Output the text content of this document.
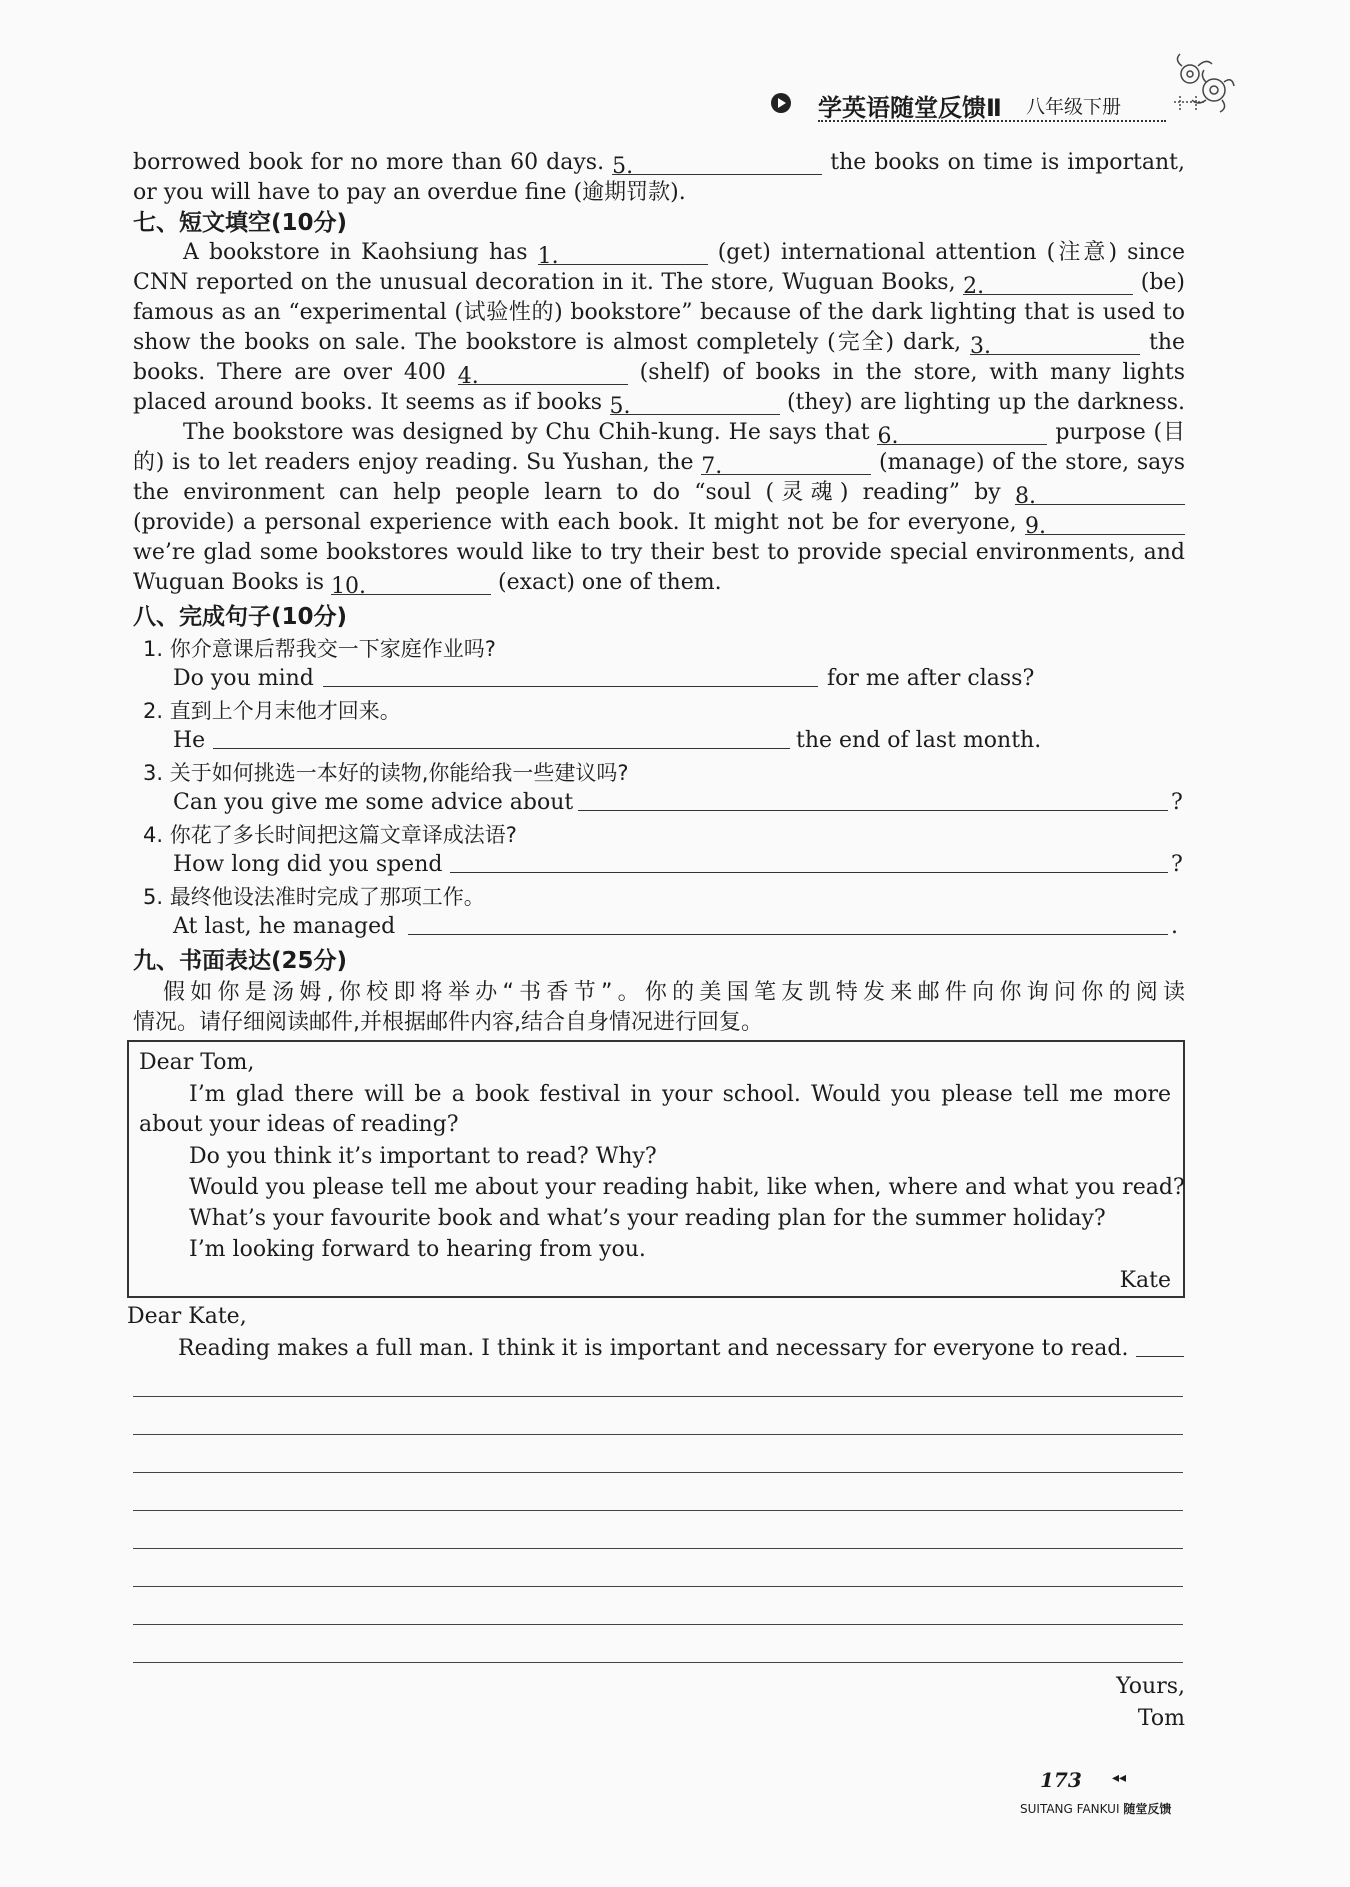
学英语随堂反馈Ⅱ 八年级下册
borrowed book for no more than 60 days. 5.	the books on time is important,
or you will have to pay an overdue fine (逾期罚款).
七、短文填空(10分)
A bookstore in Kaohsiung has 1.	(get) international attention (注意) since
CNN reported on the unusual decoration in it. The store, Wuguan Books, 2.	(be)
famous as an “experimental (试验性的) bookstore” because of the dark lighting that is used to
show the books on sale. The bookstore is almost completely (完全) dark, 3.	the
books. There are over 400 4.	(shelf) of books in the store, with many lights
placed around books. It seems as if books 5.	(they) are lighting up the darkness.
The bookstore was designed by Chu Chih-kung. He says that 6.	purpose (目
的) is to let readers enjoy reading. Su Yushan, the 7.	(manage) of the store, says
the environment can help people learn to do “soul (灵魂) reading” by 8.
(provide) a personal experience with each book. It might not be for everyone, 9.
we’re glad some bookstores would like to try their best to provide special environments, and
Wuguan Books is 10.	(exact) one of them.
八、完成句子(10分)
1. 你介意课后帮我交一下家庭作业吗?
Do you mind	for me after class?
2. 直到上个月末他才回来。
He	the end of last month.
3. 关于如何挑选一本好的读物,你能给我一些建议吗?
Can you give me some advice about	?
4. 你花了多长时间把这篇文章译成法语?
How long did you spend	?
5. 最终他设法准时完成了那项工作。
At last, he managed	.
九、书面表达(25分)
假如你是汤姆,你校即将举办“书香节”。你的美国笔友凯特发来邮件向你询问你的阅读
情况。请仔细阅读邮件,并根据邮件内容,结合自身情况进行回复。
Dear Tom,
I’m glad there will be a book festival in your school. Would you please tell me more
about your ideas of reading?
Do you think it’s important to read? Why?
Would you please tell me about your reading habit, like when, where and what you read?
What’s your favourite book and what’s your reading plan for the summer holiday?
I’m looking forward to hearing from you.
Kate
Dear Kate,
Reading makes a full man. I think it is important and necessary for everyone to read.
Yours,
Tom
173 ◂◂
SUITANG FANKUI 随堂反馈
